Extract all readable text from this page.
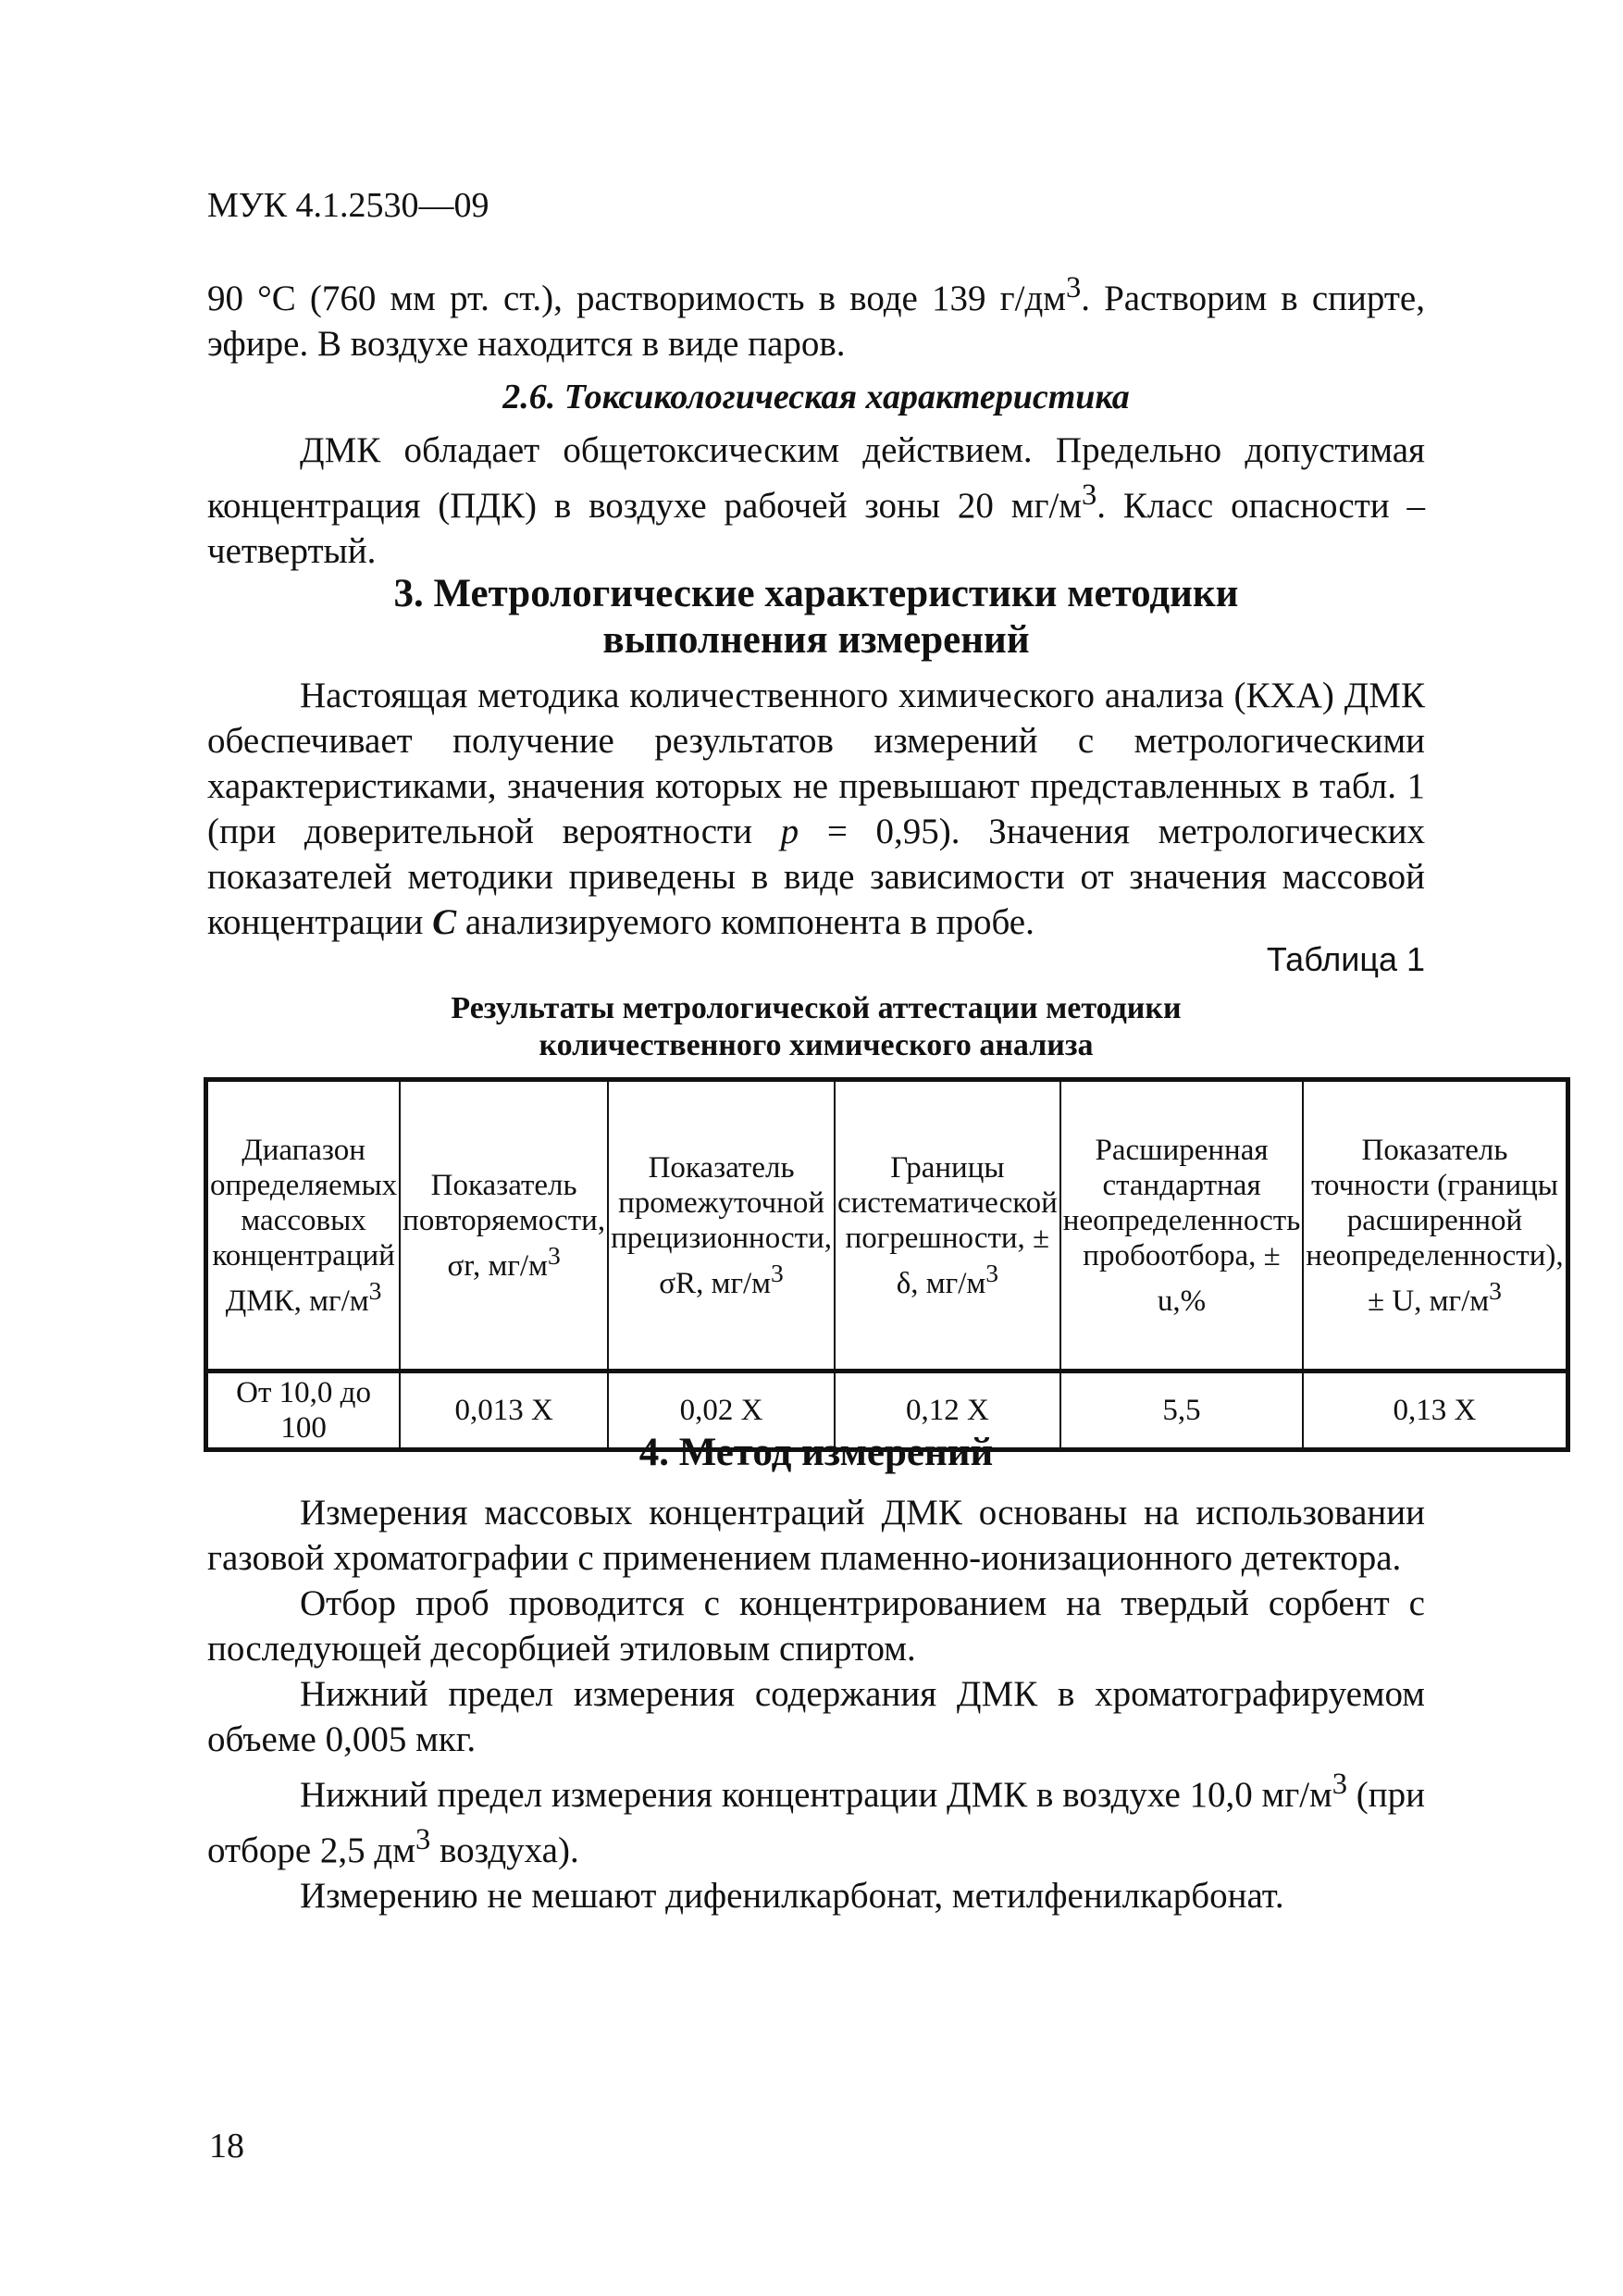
МУК 4.1.2530—09

90 °С (760 мм рт. ст.), растворимость в воде 139 $г/дм^3$. Растворим в спирте, эфире. В воздухе находится в виде паров.

2.6. Токсикологическая характеристика

ДМК обладает общетоксическим действием. Предельно допустимая концентрация (ПДК) в воздухе рабочей зоны 20 $мг/м^3$. Класс опасности – четвертый.

3. Метрологические характеристики методики
выполнения измерений

Настоящая методика количественного химического анализа (КХА) ДМК обеспечивает получение результатов измерений с метрологическими характеристиками, значения которых не превышают представленных в табл. 1 (при доверительной вероятности p = 0,95). Значения метрологических показателей методики приведены в виде зависимости от значения массовой концентрации С анализируемого компонента в пробе.

Таблица 1
Результаты метрологической аттестации методики
количественного химического анализа
Диапазон определяемых массовых концентраций ДМК, $мг/м^3$	Показатель повторяемости, σr, $мг/м^3$	Показатель промежуточной прецизионности, σR, $мг/м^3$	Границы систематической погрешности, ± δ, $мг/м^3$	Расширенная стандартная неопределенность пробоотбора, ± u,%	Показатель точности (границы расширенной неопределенности), ± U, $мг/м^3$
От 10,0 до 100	0,013 X	0,02 X	0,12 X	5,5	0,13 X
4. Метод измерений

Измерения массовых концентраций ДМК основаны на использовании газовой хроматографии с применением пламенно-ионизационного детектора.

Отбор проб проводится с концентрированием на твердый сорбент с последующей десорбцией этиловым спиртом.

Нижний предел измерения содержания ДМК в хроматографируемом объеме 0,005 мкг.

Нижний предел измерения концентрации ДМК в воздухе 10,0 $мг/м^3$ (при отборе 2,5 $дм^3$ воздуха).

Измерению не мешают дифенилкарбонат, метилфенилкарбонат.

18
